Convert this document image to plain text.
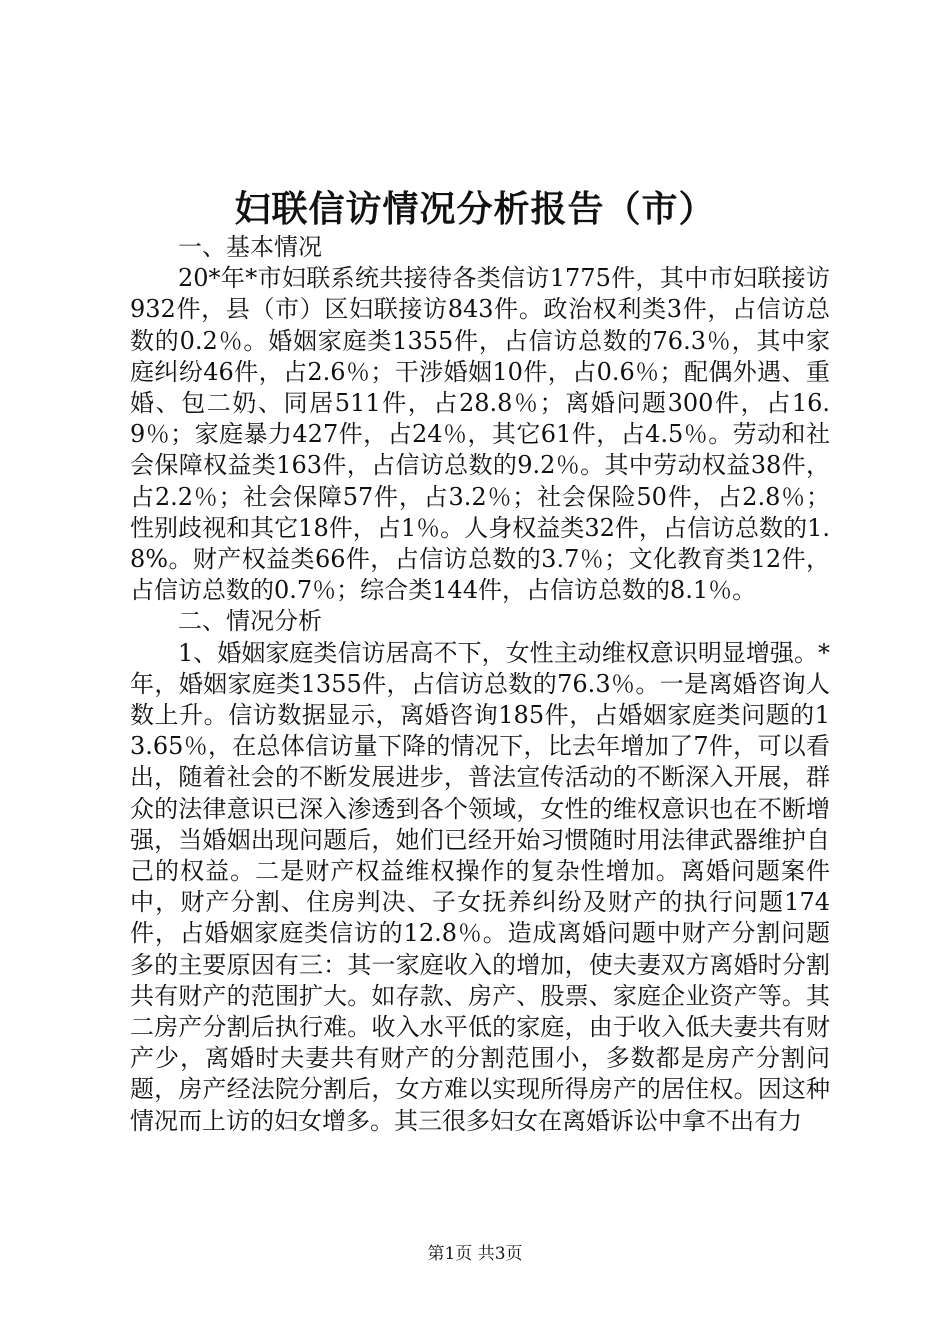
妇联信访情况分析报告（市）

一、基本情况

20*年*市妇联系统共接待各类信访1775件，其中市妇联接访932件，县（市）区妇联接访843件。政治权利类3件，占信访总数的0.2％。婚姻家庭类1355件，占信访总数的76.3％，其中家庭纠纷46件，占2.6％；干涉婚姻10件，占0.6％；配偶外遇、重婚、包二奶、同居511件，占28.8％；离婚问题300件，占16.9％；家庭暴力427件，占24％，其它61件，占4.5％。劳动和社会保障权益类163件，占信访总数的9.2％。其中劳动权益38件，占2.2％；社会保障57件，占3.2％；社会保险50件，占2.8％；性别歧视和其它18件，占1％。人身权益类32件，占信访总数的1.8%。财产权益类66件，占信访总数的3.7％；文化教育类12件，占信访总数的0.7％；综合类144件，占信访总数的8.1％。

二、情况分析

1、婚姻家庭类信访居高不下，女性主动维权意识明显增强。*年，婚姻家庭类1355件，占信访总数的76.3％。一是离婚咨询人数上升。信访数据显示，离婚咨询185件，占婚姻家庭类问题的13.65％，在总体信访量下降的情况下，比去年增加了7件，可以看出，随着社会的不断发展进步，普法宣传活动的不断深入开展，群众的法律意识已深入渗透到各个领域，女性的维权意识也在不断增强，当婚姻出现问题后，她们已经开始习惯随时用法律武器维护自己的权益。二是财产权益维权操作的复杂性增加。离婚问题案件中，财产分割、住房判决、子女抚养纠纷及财产的执行问题174件，占婚姻家庭类信访的12.8％。造成离婚问题中财产分割问题多的主要原因有三：其一家庭收入的增加，使夫妻双方离婚时分割共有财产的范围扩大。如存款、房产、股票、家庭企业资产等。其二房产分割后执行难。收入水平低的家庭，由于收入低夫妻共有财产少，离婚时夫妻共有财产的分割范围小，多数都是房产分割问题，房产经法院分割后，女方难以实现所得房产的居住权。因这种情况而上访的妇女增多。其三很多妇女在离婚诉讼中拿不出有力

第1页 共3页
